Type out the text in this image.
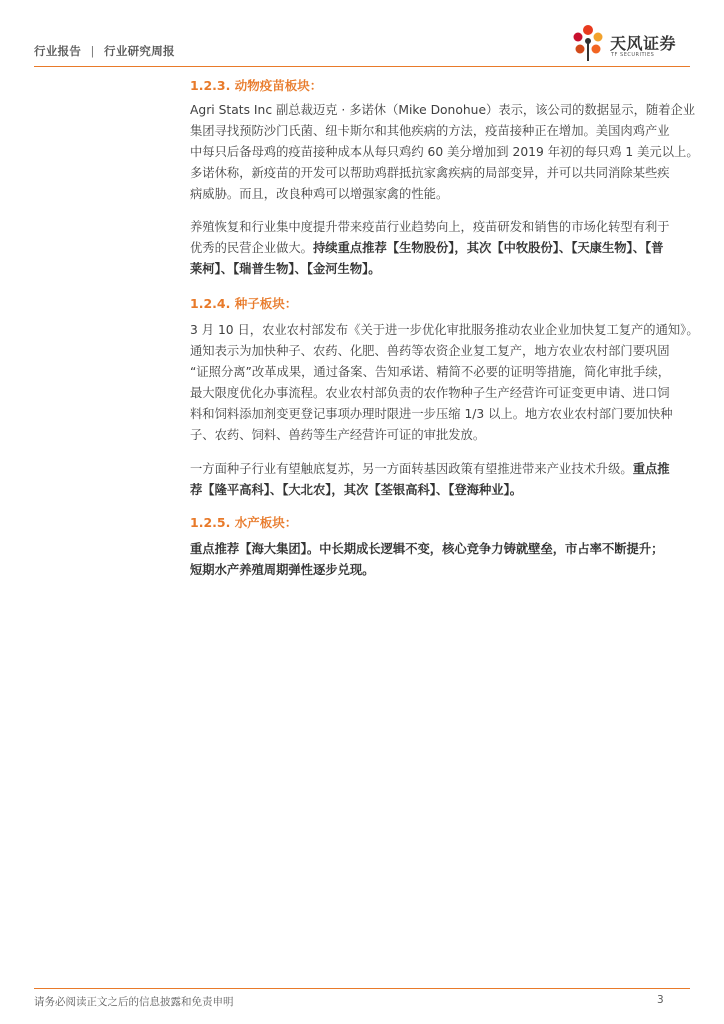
行业报告 | 行业研究周报	天风证券
TF SECURITIES
1.2.3. 动物疫苗板块：
Agri Stats Inc 副总裁迈克 · 多诺休（Mike Donohue）表示，该公司的数据显示，随着企业
集团寻找预防沙门氏菌、纽卡斯尔和其他疾病的方法，疫苗接种正在增加。美国肉鸡产业
中每只后备母鸡的疫苗接种成本从每只鸡约 60 美分增加到 2019 年初的每只鸡 1 美元以上。
多诺休称，新疫苗的开发可以帮助鸡群抵抗家禽疾病的局部变异，并可以共同消除某些疾
病威胁。而且，改良种鸡可以增强家禽的性能。
养殖恢复和行业集中度提升带来疫苗行业趋势向上，疫苗研发和销售的市场化转型有利于
优秀的民营企业做大。持续重点推荐【生物股份】，其次【中牧股份】、【天康生物】、【普
莱柯】、【瑞普生物】、【金河生物】。
1.2.4. 种子板块：
3 月 10 日，农业农村部发布《关于进一步优化审批服务推动农业企业加快复工复产的通知》。
通知表示为加快种子、农药、化肥、兽药等农资企业复工复产，地方农业农村部门要巩固
“证照分离”改革成果，通过备案、告知承诺、精简不必要的证明等措施，简化审批手续，
最大限度优化办事流程。农业农村部负责的农作物种子生产经营许可证变更申请、进口饲
料和饲料添加剂变更登记事项办理时限进一步压缩 1/3 以上。地方农业农村部门要加快种
子、农药、饲料、兽药等生产经营许可证的审批发放。
一方面种子行业有望触底复苏，另一方面转基因政策有望推进带来产业技术升级。重点推
荐【隆平高科】、【大北农】，其次【荃银高科】、【登海种业】。
1.2.5. 水产板块：
重点推荐【海大集团】。中长期成长逻辑不变，核心竞争力铸就壁垒，市占率不断提升；
短期水产养殖周期弹性逐步兑现。
请务必阅读正文之后的信息披露和免责申明	3
